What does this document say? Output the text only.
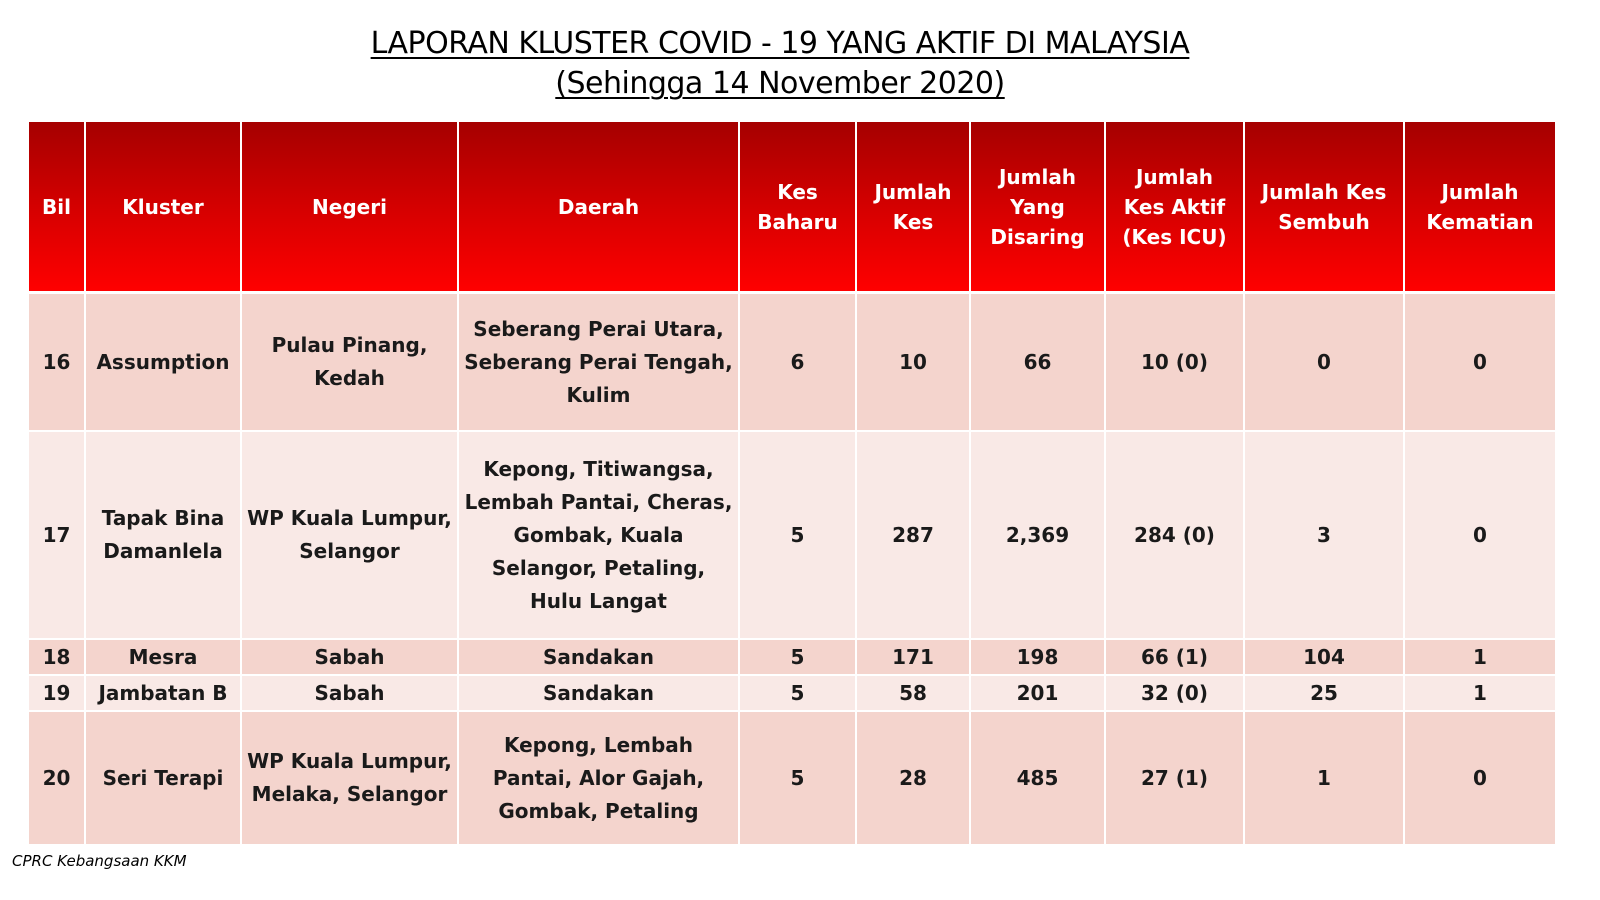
LAPORAN KLUSTER COVID - 19 YANG AKTIF DI MALAYSIA
(Sehingga 14 November 2020)
Bil	Kluster	Negeri	Daerah	Kes Baharu	Jumlah Kes	Jumlah Yang Disaring	Jumlah Kes Aktif (Kes ICU)	Jumlah Kes Sembuh	Jumlah Kematian

16	Assumption	Pulau Pinang, Kedah	Seberang Perai Utara, Seberang Perai Tengah, Kulim	6	10	66	10 (0)	0	0
17	Tapak Bina Damanlela	WP Kuala Lumpur, Selangor	Kepong, Titiwangsa, Lembah Pantai, Cheras, Gombak, Kuala Selangor, Petaling, Hulu Langat	5	287	2,369	284 (0)	3	0
18	Mesra	Sabah	Sandakan	5	171	198	66 (1)	104	1
19	Jambatan B	Sabah	Sandakan	5	58	201	32 (0)	25	1
20	Seri Terapi	WP Kuala Lumpur, Melaka, Selangor	Kepong, Lembah Pantai, Alor Gajah, Gombak, Petaling	5	28	485	27 (1)	1	0
CPRC Kebangsaan KKM
